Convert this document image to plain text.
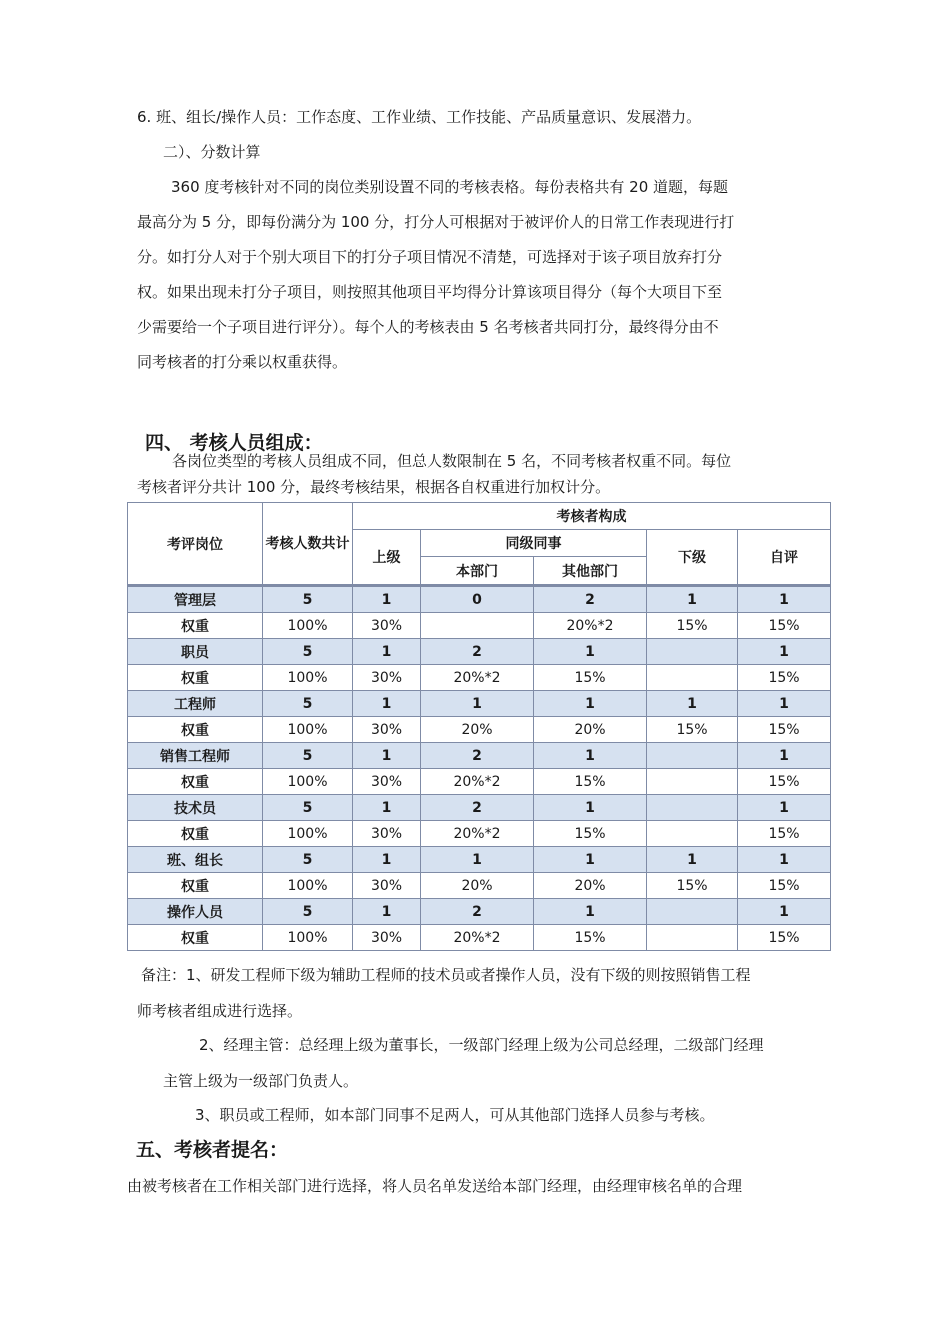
6. 班、组长/操作人员：工作态度、工作业绩、工作技能、产品质量意识、发展潜力。
二）、分数计算
360 度考核针对不同的岗位类别设置不同的考核表格。每份表格共有 20 道题，每题
最高分为 5 分，即每份满分为 100 分，打分人可根据对于被评价人的日常工作表现进行打
分。如打分人对于个别大项目下的打分子项目情况不清楚，可选择对于该子项目放弃打分
权。如果出现未打分子项目，则按照其他项目平均得分计算该项目得分（每个大项目下至
少需要给一个子项目进行评分）。每个人的考核表由 5 名考核者共同打分，最终得分由不
同考核者的打分乘以权重获得。
四、 考核人员组成：
各岗位类型的考核人员组成不同，但总人数限制在 5 名，不同考核者权重不同。每位
考核者评分共计 100 分，最终考核结果，根据各自权重进行加权计分。
考评岗位	考核人数共计	考核者构成				
		上级	同级同事		下级	自评
			本部门	其他部门		
管理层	5	1	0	2	1	1
权重	100%	30%		20%*2	15%	15%
职员	5	1	2	1		1
权重	100%	30%	20%*2	15%		15%
工程师	5	1	1	1	1	1
权重	100%	30%	20%	20%	15%	15%
销售工程师	5	1	2	1		1
权重	100%	30%	20%*2	15%		15%
技术员	5	1	2	1		1
权重	100%	30%	20%*2	15%		15%
班、组长	5	1	1	1	1	1
权重	100%	30%	20%	20%	15%	15%
操作人员	5	1	2	1		1
权重	100%	30%	20%*2	15%		15%
备注：1、研发工程师下级为辅助工程师的技术员或者操作人员，没有下级的则按照销售工程
师考核者组成进行选择。
2、经理主管：总经理上级为董事长，一级部门经理上级为公司总经理，二级部门经理
主管上级为一级部门负责人。
3、职员或工程师，如本部门同事不足两人，可从其他部门选择人员参与考核。
五、考核者提名：
由被考核者在工作相关部门进行选择，将人员名单发送给本部门经理，由经理审核名单的合理
